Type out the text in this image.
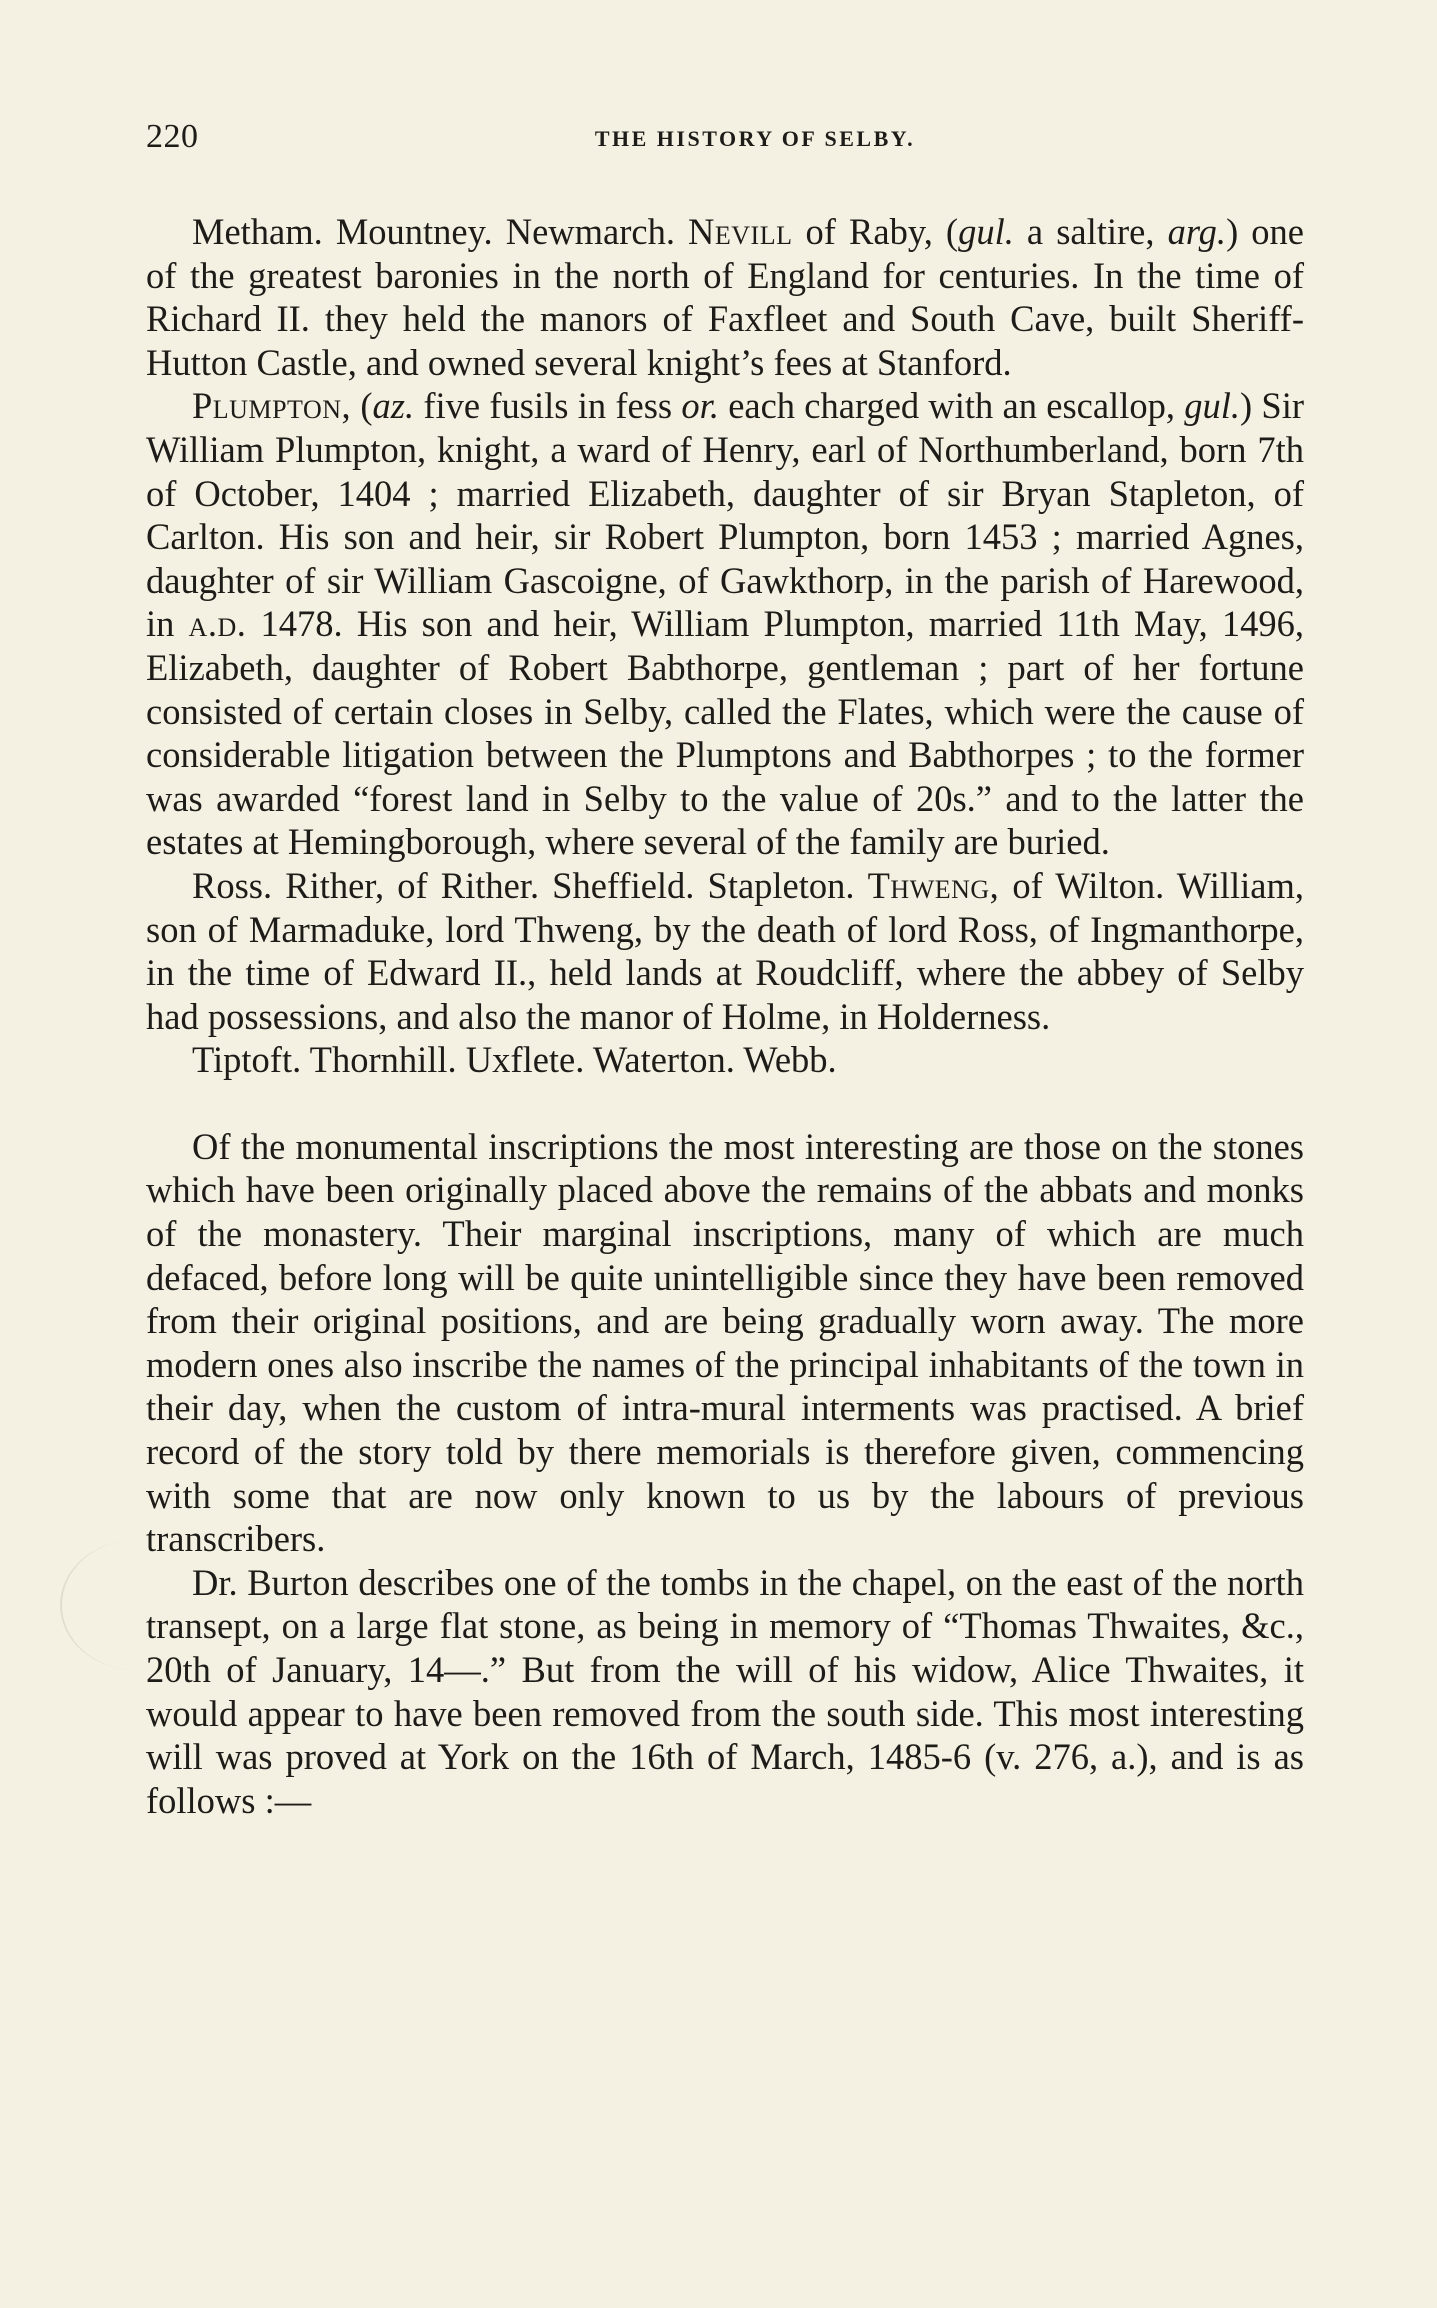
220	THE HISTORY OF SELBY.

Metham. Mountney. Newmarch. Nevill of Raby, (gul. a saltire, arg.) one of the greatest baronies in the north of England for centuries. In the time of Richard II. they held the manors of Faxfleet and South Cave, built Sheriff-Hutton Castle, and owned several knight’s fees at Stanford.

Plumpton, (az. five fusils in fess or. each charged with an escallop, gul.) Sir William Plumpton, knight, a ward of Henry, earl of Northumberland, born 7th of October, 1404 ; married Elizabeth, daughter of sir Bryan Stapleton, of Carlton. His son and heir, sir Robert Plumpton, born 1453 ; married Agnes, daughter of sir William Gascoigne, of Gawkthorp, in the parish of Harewood, in a.d. 1478. His son and heir, William Plumpton, married 11th May, 1496, Elizabeth, daughter of Robert Babthorpe, gentleman ; part of her fortune consisted of certain closes in Selby, called the Flates, which were the cause of considerable litigation between the Plumptons and Babthorpes ; to the former was awarded “forest land in Selby to the value of 20s.” and to the latter the estates at Hemingborough, where several of the family are buried.

Ross. Rither, of Rither. Sheffield. Stapleton. Thweng, of Wilton. William, son of Marmaduke, lord Thweng, by the death of lord Ross, of Ingmanthorpe, in the time of Edward II., held lands at Roudcliff, where the abbey of Selby had possessions, and also the manor of Holme, in Holderness.

Tiptoft. Thornhill. Uxflete. Waterton. Webb.

Of the monumental inscriptions the most interesting are those on the stones which have been originally placed above the remains of the abbats and monks of the monastery. Their marginal inscriptions, many of which are much defaced, before long will be quite unintelligible since they have been removed from their original positions, and are being gradually worn away. The more modern ones also inscribe the names of the principal inhabitants of the town in their day, when the custom of intra-mural interments was practised. A brief record of the story told by there memorials is therefore given, commencing with some that are now only known to us by the labours of previous transcribers.

Dr. Burton describes one of the tombs in the chapel, on the east of the north transept, on a large flat stone, as being in memory of “Thomas Thwaites, &c., 20th of January, 14—.” But from the will of his widow, Alice Thwaites, it would appear to have been removed from the south side. This most interesting will was proved at York on the 16th of March, 1485-6 (v. 276, a.), and is as follows :—
